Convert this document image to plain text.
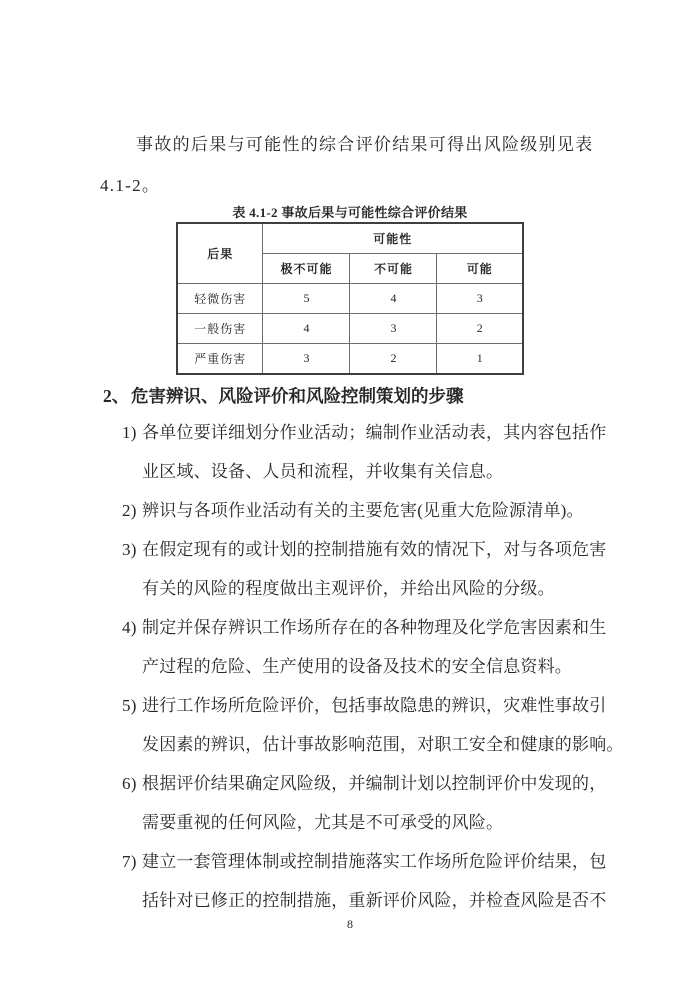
事故的后果与可能性的综合评价结果可得出风险级别见表
4.1-2。
表 4.1-2 事故后果与可能性综合评价结果
后果	可能性		
	极不可能	不可能	可能
轻微伤害	5	4	3
一般伤害	4	3	2
严重伤害	3	2	1
2、 危害辨识、风险评价和风险控制策划的步骤
1) 各单位要详细划分作业活动；编制作业活动表，其内容包括作
业区域、设备、人员和流程，并收集有关信息。
2) 辨识与各项作业活动有关的主要危害(见重大危险源清单)。
3) 在假定现有的或计划的控制措施有效的情况下，对与各项危害
有关的风险的程度做出主观评价，并给出风险的分级。
4) 制定并保存辨识工作场所存在的各种物理及化学危害因素和生
产过程的危险、生产使用的设备及技术的安全信息资料。
5) 进行工作场所危险评价，包括事故隐患的辨识，灾难性事故引
发因素的辨识，估计事故影响范围，对职工安全和健康的影响。
6) 根据评价结果确定风险级，并编制计划以控制评价中发现的，
需要重视的任何风险，尤其是不可承受的风险。
7) 建立一套管理体制或控制措施落实工作场所危险评价结果，包
括针对已修正的控制措施，重新评价风险，并检查风险是否不
8
